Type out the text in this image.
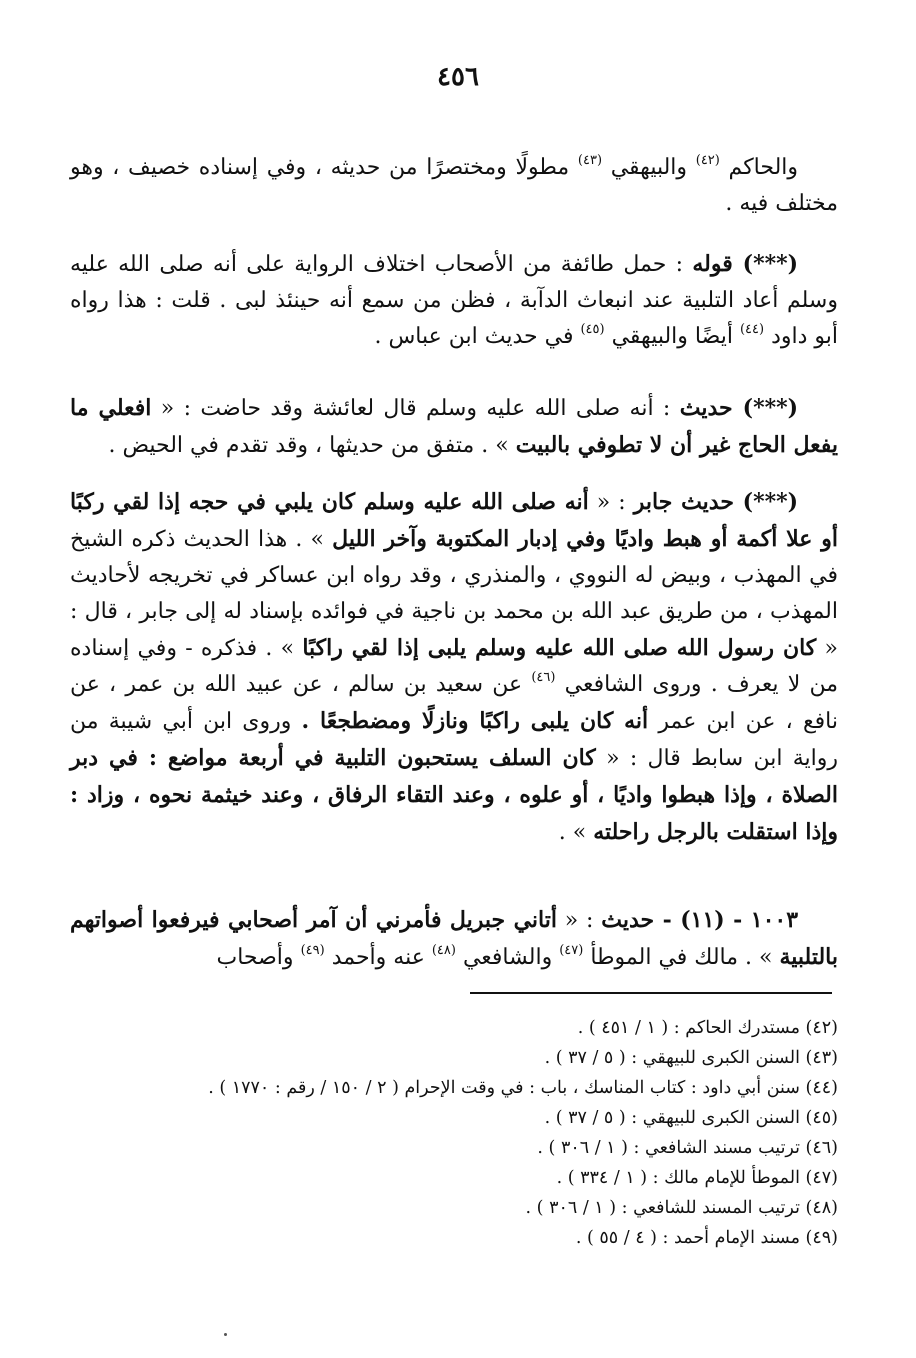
٤٥٦

والحاكم $^{(٤٢)}$ والبيهقي $^{(٤٣)}$ مطولًا ومختصرًا من حديثه ، وفي إسناده خصيف ، وهو مختلف فيه .

(***) قوله : حمل طائفة من الأصحاب اختلاف الرواية على أنه صلى الله عليه وسلم أعاد التلبية عند انبعاث الدآبة ، فظن من سمع أنه حينئذ لبى . قلت : هذا رواه أبو داود $^{(٤٤)}$ أيضًا والبيهقي $^{(٤٥)}$ في حديث ابن عباس .

(***) حديث : أنه صلى الله عليه وسلم قال لعائشة وقد حاضت : « افعلي ما يفعل الحاج غير أن لا تطوفي بالبيت » . متفق من حديثها ، وقد تقدم في الحيض .

(***) حديث جابر : « أنه صلى الله عليه وسلم كان يلبي في حجه إذا لقي ركبًا أو علا أكمة أو هبط واديًا وفي إدبار المكتوبة وآخر الليل » . هذا الحديث ذكره الشيخ في المهذب ، وبيض له النووي ، والمنذري ، وقد رواه ابن عساكر في تخريجه لأحاديث المهذب ، من طريق عبد الله بن محمد بن ناجية في فوائده بإسناد له إلى جابر ، قال : « كان رسول الله صلى الله عليه وسلم يلبى إذا لقي راكبًا » . فذكره - وفي إسناده من لا يعرف . وروى الشافعي $^{(٤٦)}$ عن سعيد بن سالم ، عن عبيد الله بن عمر ، عن نافع ، عن ابن عمر أنه كان يلبى راكبًا ونازلًا ومضطجعًا . وروى ابن أبي شيبة من رواية ابن سابط قال : « كان السلف يستحبون التلبية في أربعة مواضع : في دبر الصلاة ، وإذا هبطوا واديًا ، أو علوه ، وعند التقاء الرفاق ، وعند خيثمة نحوه ، وزاد : وإذا استقلت بالرجل راحلته » .

١٠٠٣ - (١١) - حديث : « أتاني جبريل فأمرني أن آمر أصحابي فيرفعوا أصواتهم بالتلبية » . مالك في الموطأ $^{(٤٧)}$ والشافعي $^{(٤٨)}$ عنه وأحمد $^{(٤٩)}$ وأصحاب

(٤٢) مستدرك الحاكم : ( ١ / ٤٥١ ) .
(٤٣) السنن الكبرى للبيهقي : ( ٥ / ٣٧ ) .
(٤٤) سنن أبي داود : كتاب المناسك ، باب : في وقت الإحرام ( ٢ / ١٥٠ / رقم : ١٧٧٠ ) .
(٤٥) السنن الكبرى للبيهقي : ( ٥ / ٣٧ ) .
(٤٦) ترتيب مسند الشافعي : ( ١ / ٣٠٦ ) .
(٤٧) الموطأ للإمام مالك : ( ١ / ٣٣٤ ) .
(٤٨) ترتيب المسند للشافعي : ( ١ / ٣٠٦ ) .
(٤٩) مسند الإمام أحمد : ( ٤ / ٥٥ ) .
